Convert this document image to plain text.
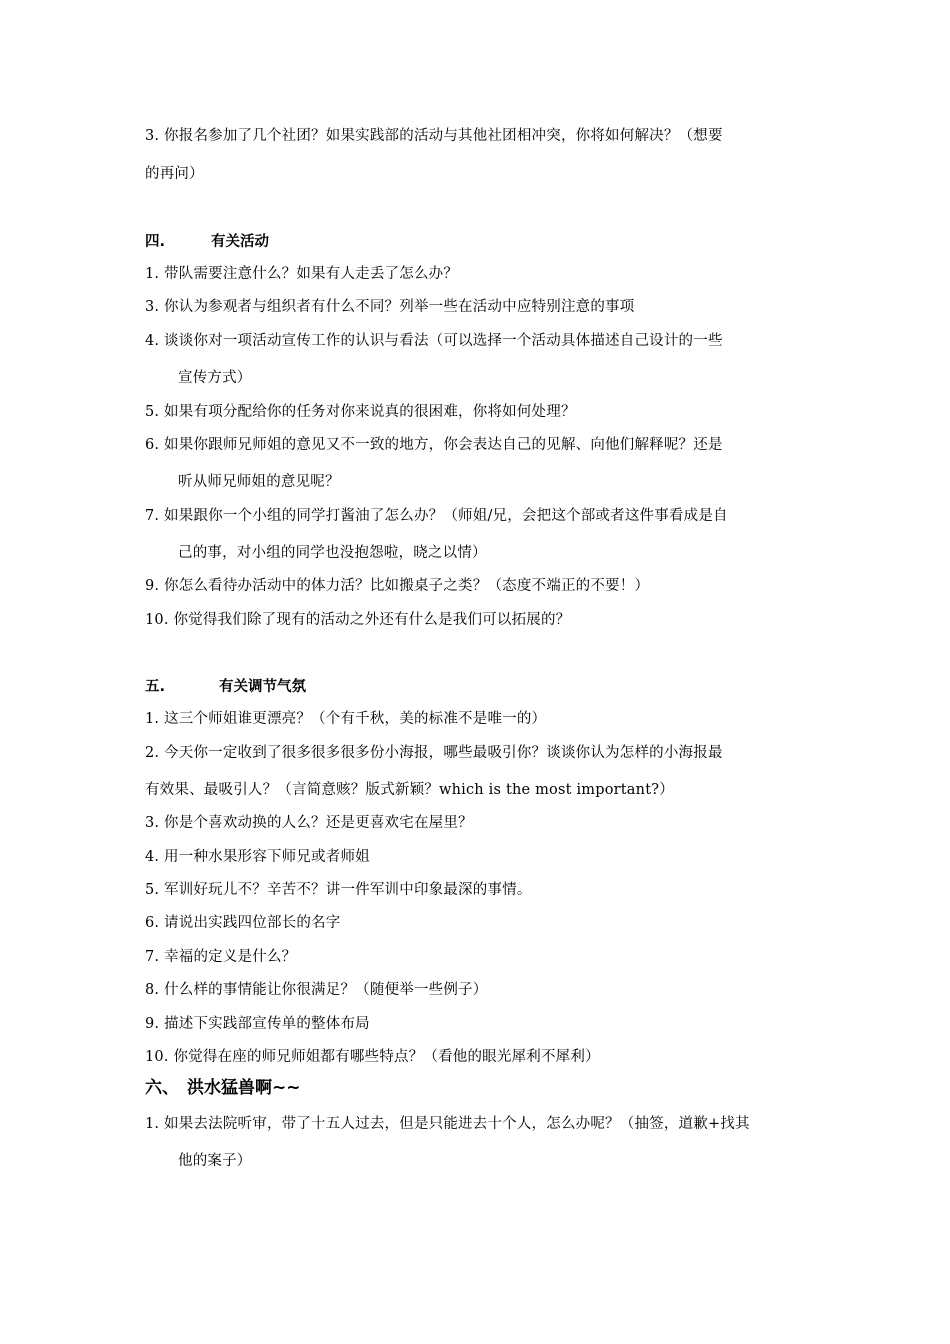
3. 你报名参加了几个社团？如果实践部的活动与其他社团相冲突，你将如何解决？（想要
的再问）
四.	有关活动
1. 带队需要注意什么？如果有人走丢了怎么办？
3. 你认为参观者与组织者有什么不同？列举一些在活动中应特别注意的事项
4. 谈谈你对一项活动宣传工作的认识与看法（可以选择一个活动具体描述自己设计的一些
宣传方式）
5. 如果有项分配给你的任务对你来说真的很困难，你将如何处理？
6. 如果你跟师兄师姐的意见又不一致的地方，你会表达自己的见解、向他们解释呢？还是
听从师兄师姐的意见呢？
7. 如果跟你一个小组的同学打酱油了怎么办？（师姐/兄，会把这个部或者这件事看成是自
己的事，对小组的同学也没抱怨啦，晓之以情）
9. 你怎么看待办活动中的体力活？比如搬桌子之类？（态度不端正的不要！）
10. 你觉得我们除了现有的活动之外还有什么是我们可以拓展的？
五.	有关调节气氛
1. 这三个师姐谁更漂亮？（个有千秋，美的标准不是唯一的）
2. 今天你一定收到了很多很多很多份小海报，哪些最吸引你？谈谈你认为怎样的小海报最
有效果、最吸引人？（言简意赅？版式新颖？which is the most important?）
3. 你是个喜欢动换的人么？还是更喜欢宅在屋里？
4. 用一种水果形容下师兄或者师姐
5. 军训好玩儿不？辛苦不？讲一件军训中印象最深的事情。
6. 请说出实践四位部长的名字
7. 幸福的定义是什么？
8. 什么样的事情能让你很满足？（随便举一些例子）
9. 描述下实践部宣传单的整体布局
10. 你觉得在座的师兄师姐都有哪些特点？（看他的眼光犀利不犀利）
六、 洪水猛兽啊~~
1. 如果去法院听审，带了十五人过去，但是只能进去十个人，怎么办呢？（抽签，道歉+找其
他的案子）
